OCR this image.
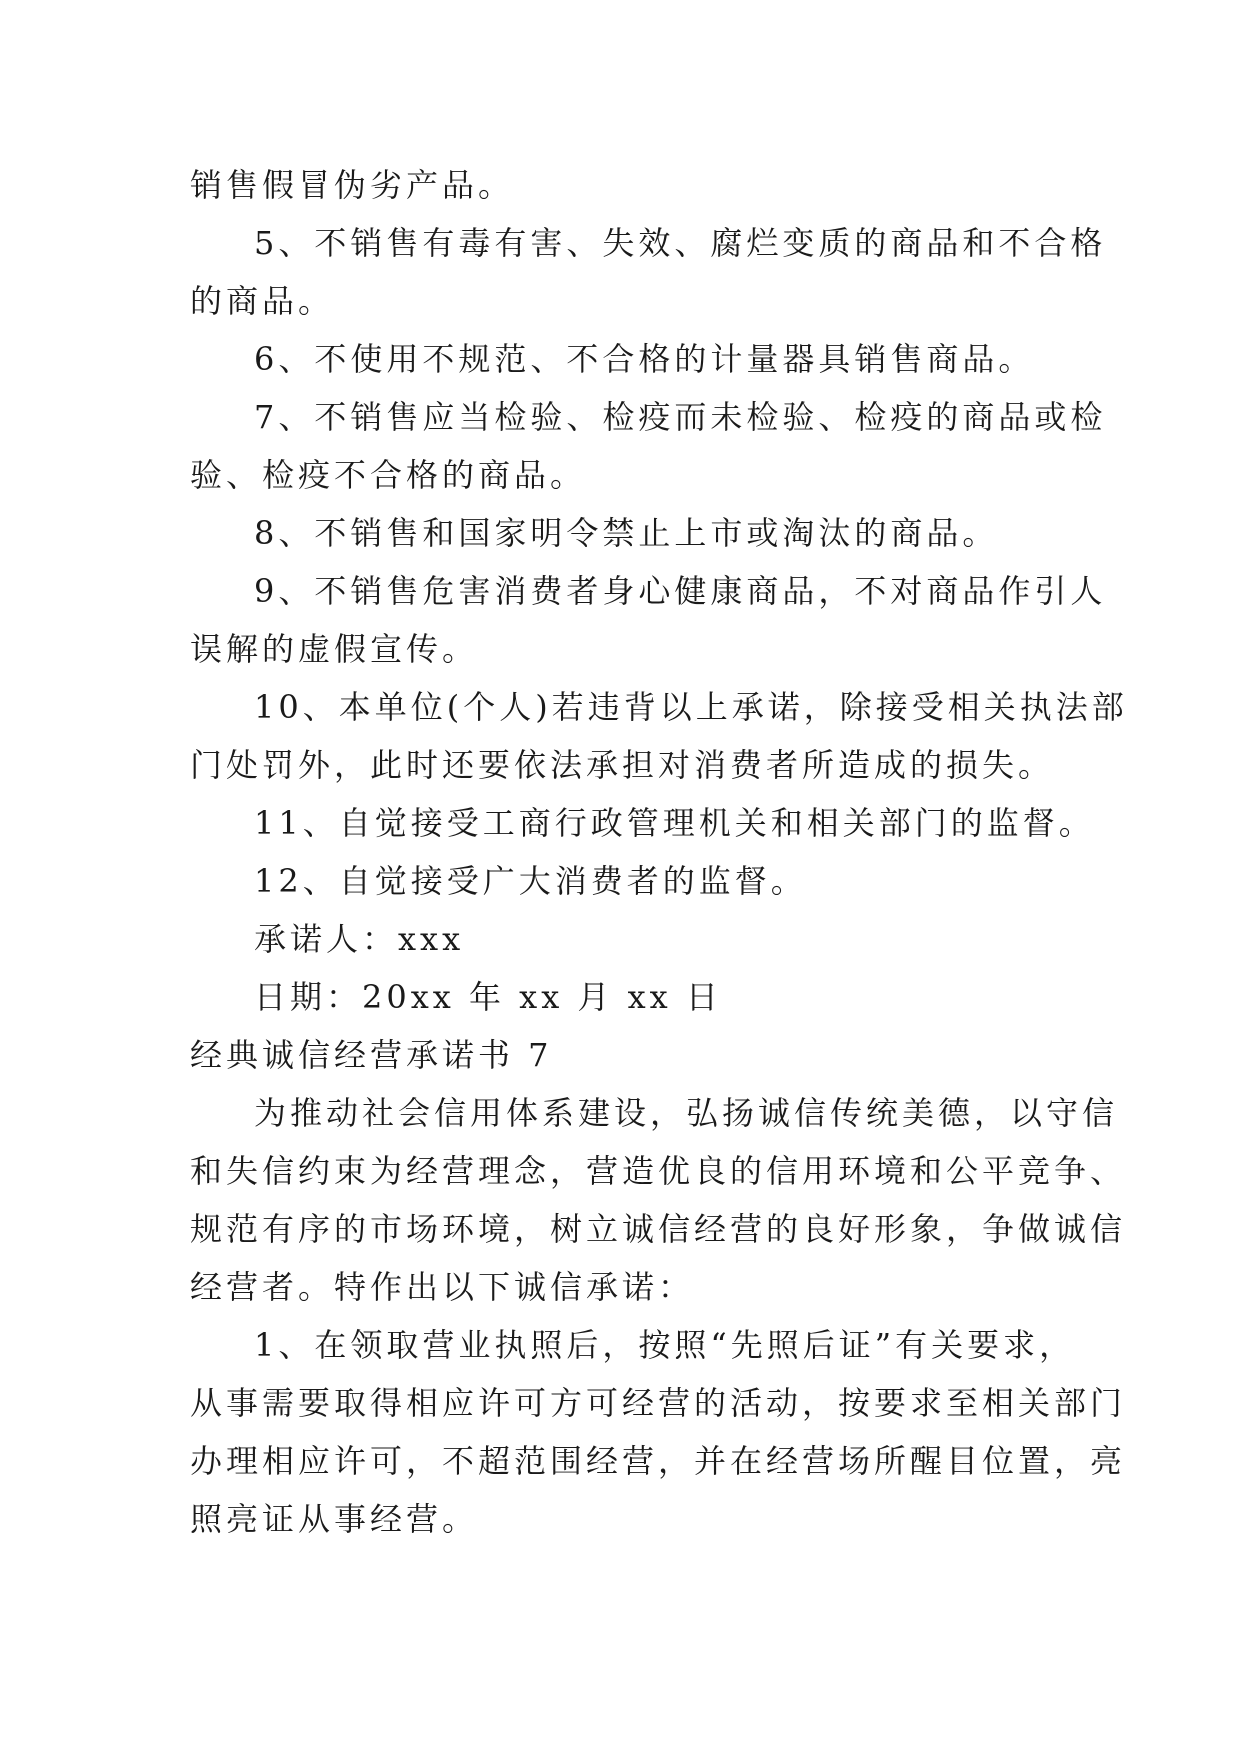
销售假冒伪劣产品。
5、不销售有毒有害、失效、腐烂变质的商品和不合格
的商品。
6、不使用不规范、不合格的计量器具销售商品。
7、不销售应当检验、检疫而未检验、检疫的商品或检
验、检疫不合格的商品。
8、不销售和国家明令禁止上市或淘汰的商品。
9、不销售危害消费者身心健康商品，不对商品作引人
误解的虚假宣传。
10、本单位(个人)若违背以上承诺，除接受相关执法部
门处罚外，此时还要依法承担对消费者所造成的损失。
11、自觉接受工商行政管理机关和相关部门的监督。
12、自觉接受广大消费者的监督。
承诺人：xxx
日期：20xx 年 xx 月 xx 日
经典诚信经营承诺书 7
为推动社会信用体系建设，弘扬诚信传统美德，以守信
和失信约束为经营理念，营造优良的信用环境和公平竞争、
规范有序的市场环境，树立诚信经营的良好形象，争做诚信
经营者。特作出以下诚信承诺：
1、在领取营业执照后，按照“先照后证”有关要求，
从事需要取得相应许可方可经营的活动，按要求至相关部门
办理相应许可，不超范围经营，并在经营场所醒目位置，亮
照亮证从事经营。
